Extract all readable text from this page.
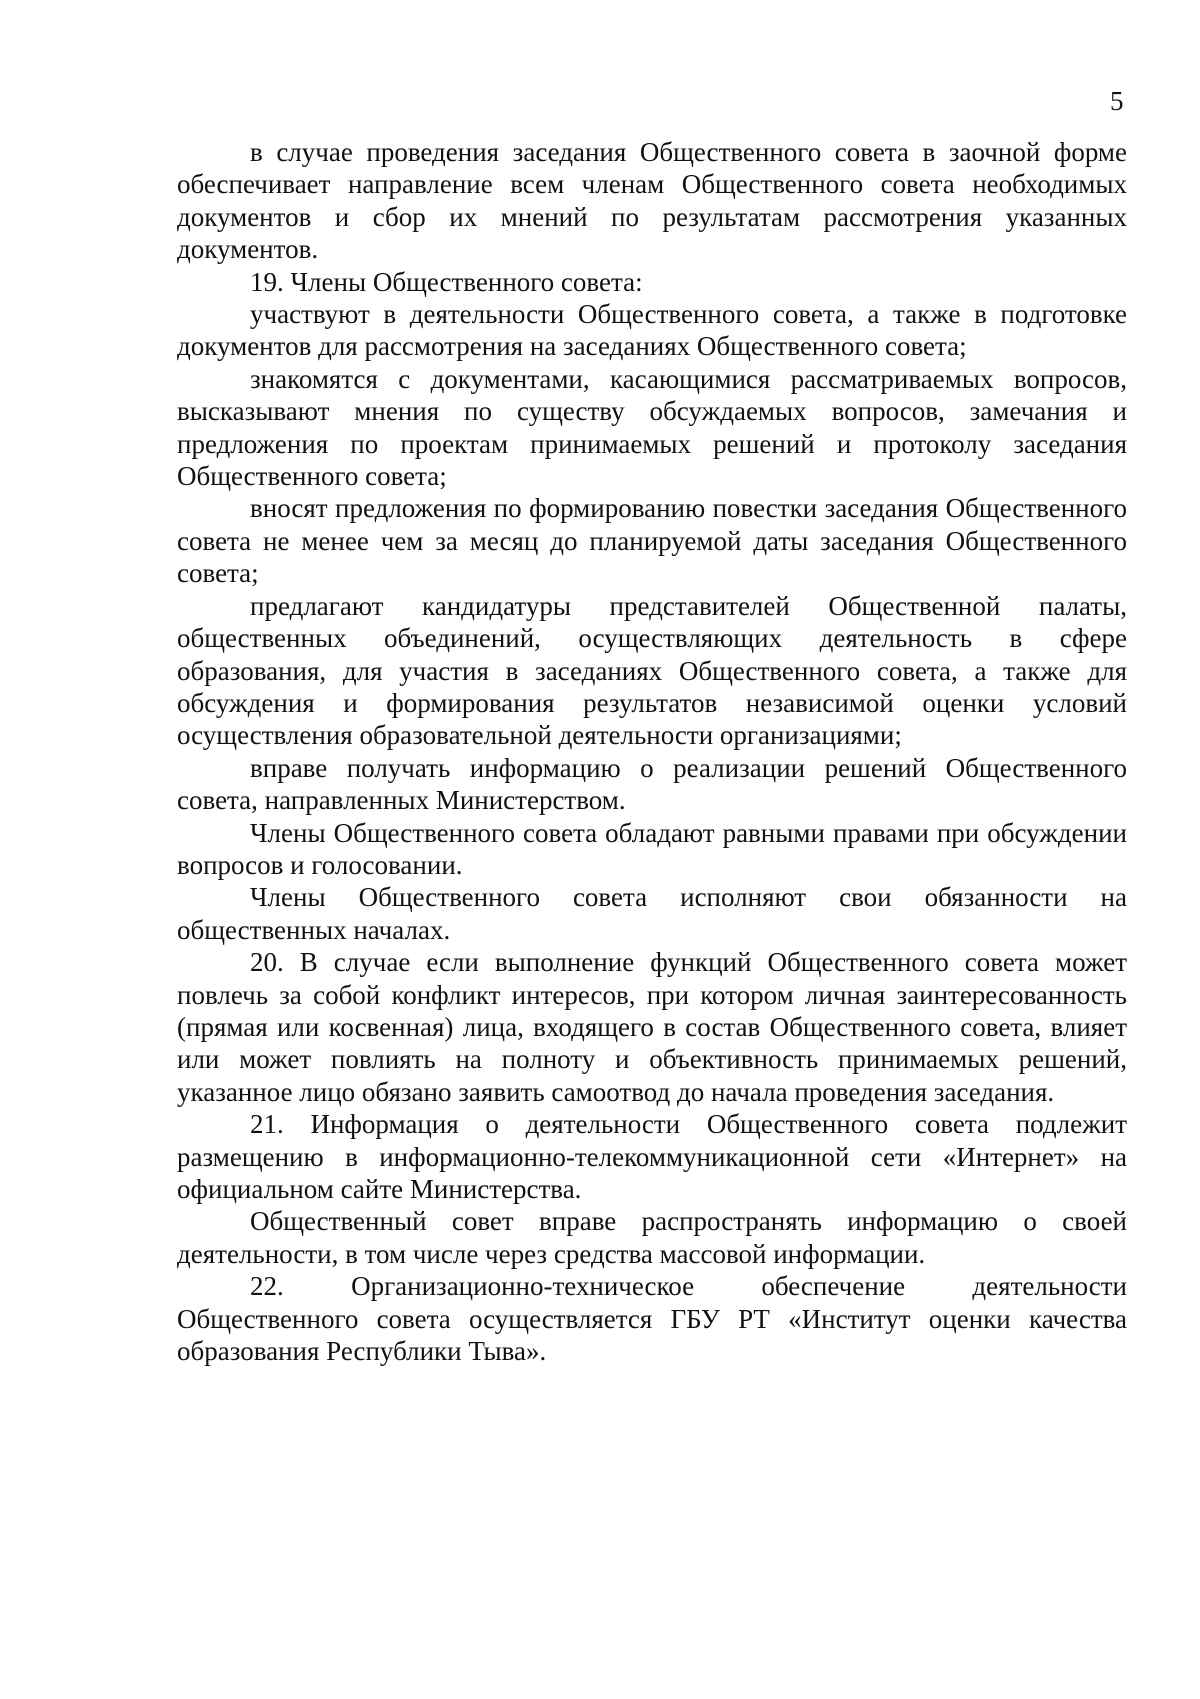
5

в случае проведения заседания Общественного совета в заочной форме обеспечивает направление всем членам Общественного совета необходимых документов и сбор их мнений по результатам рассмотрения указанных документов.

19. Члены Общественного совета:

участвуют в деятельности Общественного совета, а также в подготовке документов для рассмотрения на заседаниях Общественного совета;

знакомятся с документами, касающимися рассматриваемых вопросов, высказывают мнения по существу обсуждаемых вопросов, замечания и предложения по проектам принимаемых решений и протоколу заседания Общественного совета;

вносят предложения по формированию повестки заседания Общественного совета не менее чем за месяц до планируемой даты заседания Общественного совета;

предлагают кандидатуры представителей Общественной палаты, общественных объединений, осуществляющих деятельность в сфере образования, для участия в заседаниях Общественного совета, а также для обсуждения и формирования результатов независимой оценки условий осуществления образовательной деятельности организациями;

вправе получать информацию о реализации решений Общественного совета, направленных Министерством.

Члены Общественного совета обладают равными правами при обсуждении вопросов и голосовании.

Члены Общественного совета исполняют свои обязанности на общественных началах.

20. В случае если выполнение функций Общественного совета может повлечь за собой конфликт интересов, при котором личная заинтересованность (прямая или косвенная) лица, входящего в состав Общественного совета, влияет или может повлиять на полноту и объективность принимаемых решений, указанное лицо обязано заявить самоотвод до начала проведения заседания.

21. Информация о деятельности Общественного совета подлежит размещению в информационно-телекоммуникационной сети «Интернет» на официальном сайте Министерства.

Общественный совет вправе распространять информацию о своей деятельности, в том числе через средства массовой информации.

22. Организационно-техническое обеспечение деятельности Общественного совета осуществляется ГБУ РТ «Институт оценки качества образования Республики Тыва».
